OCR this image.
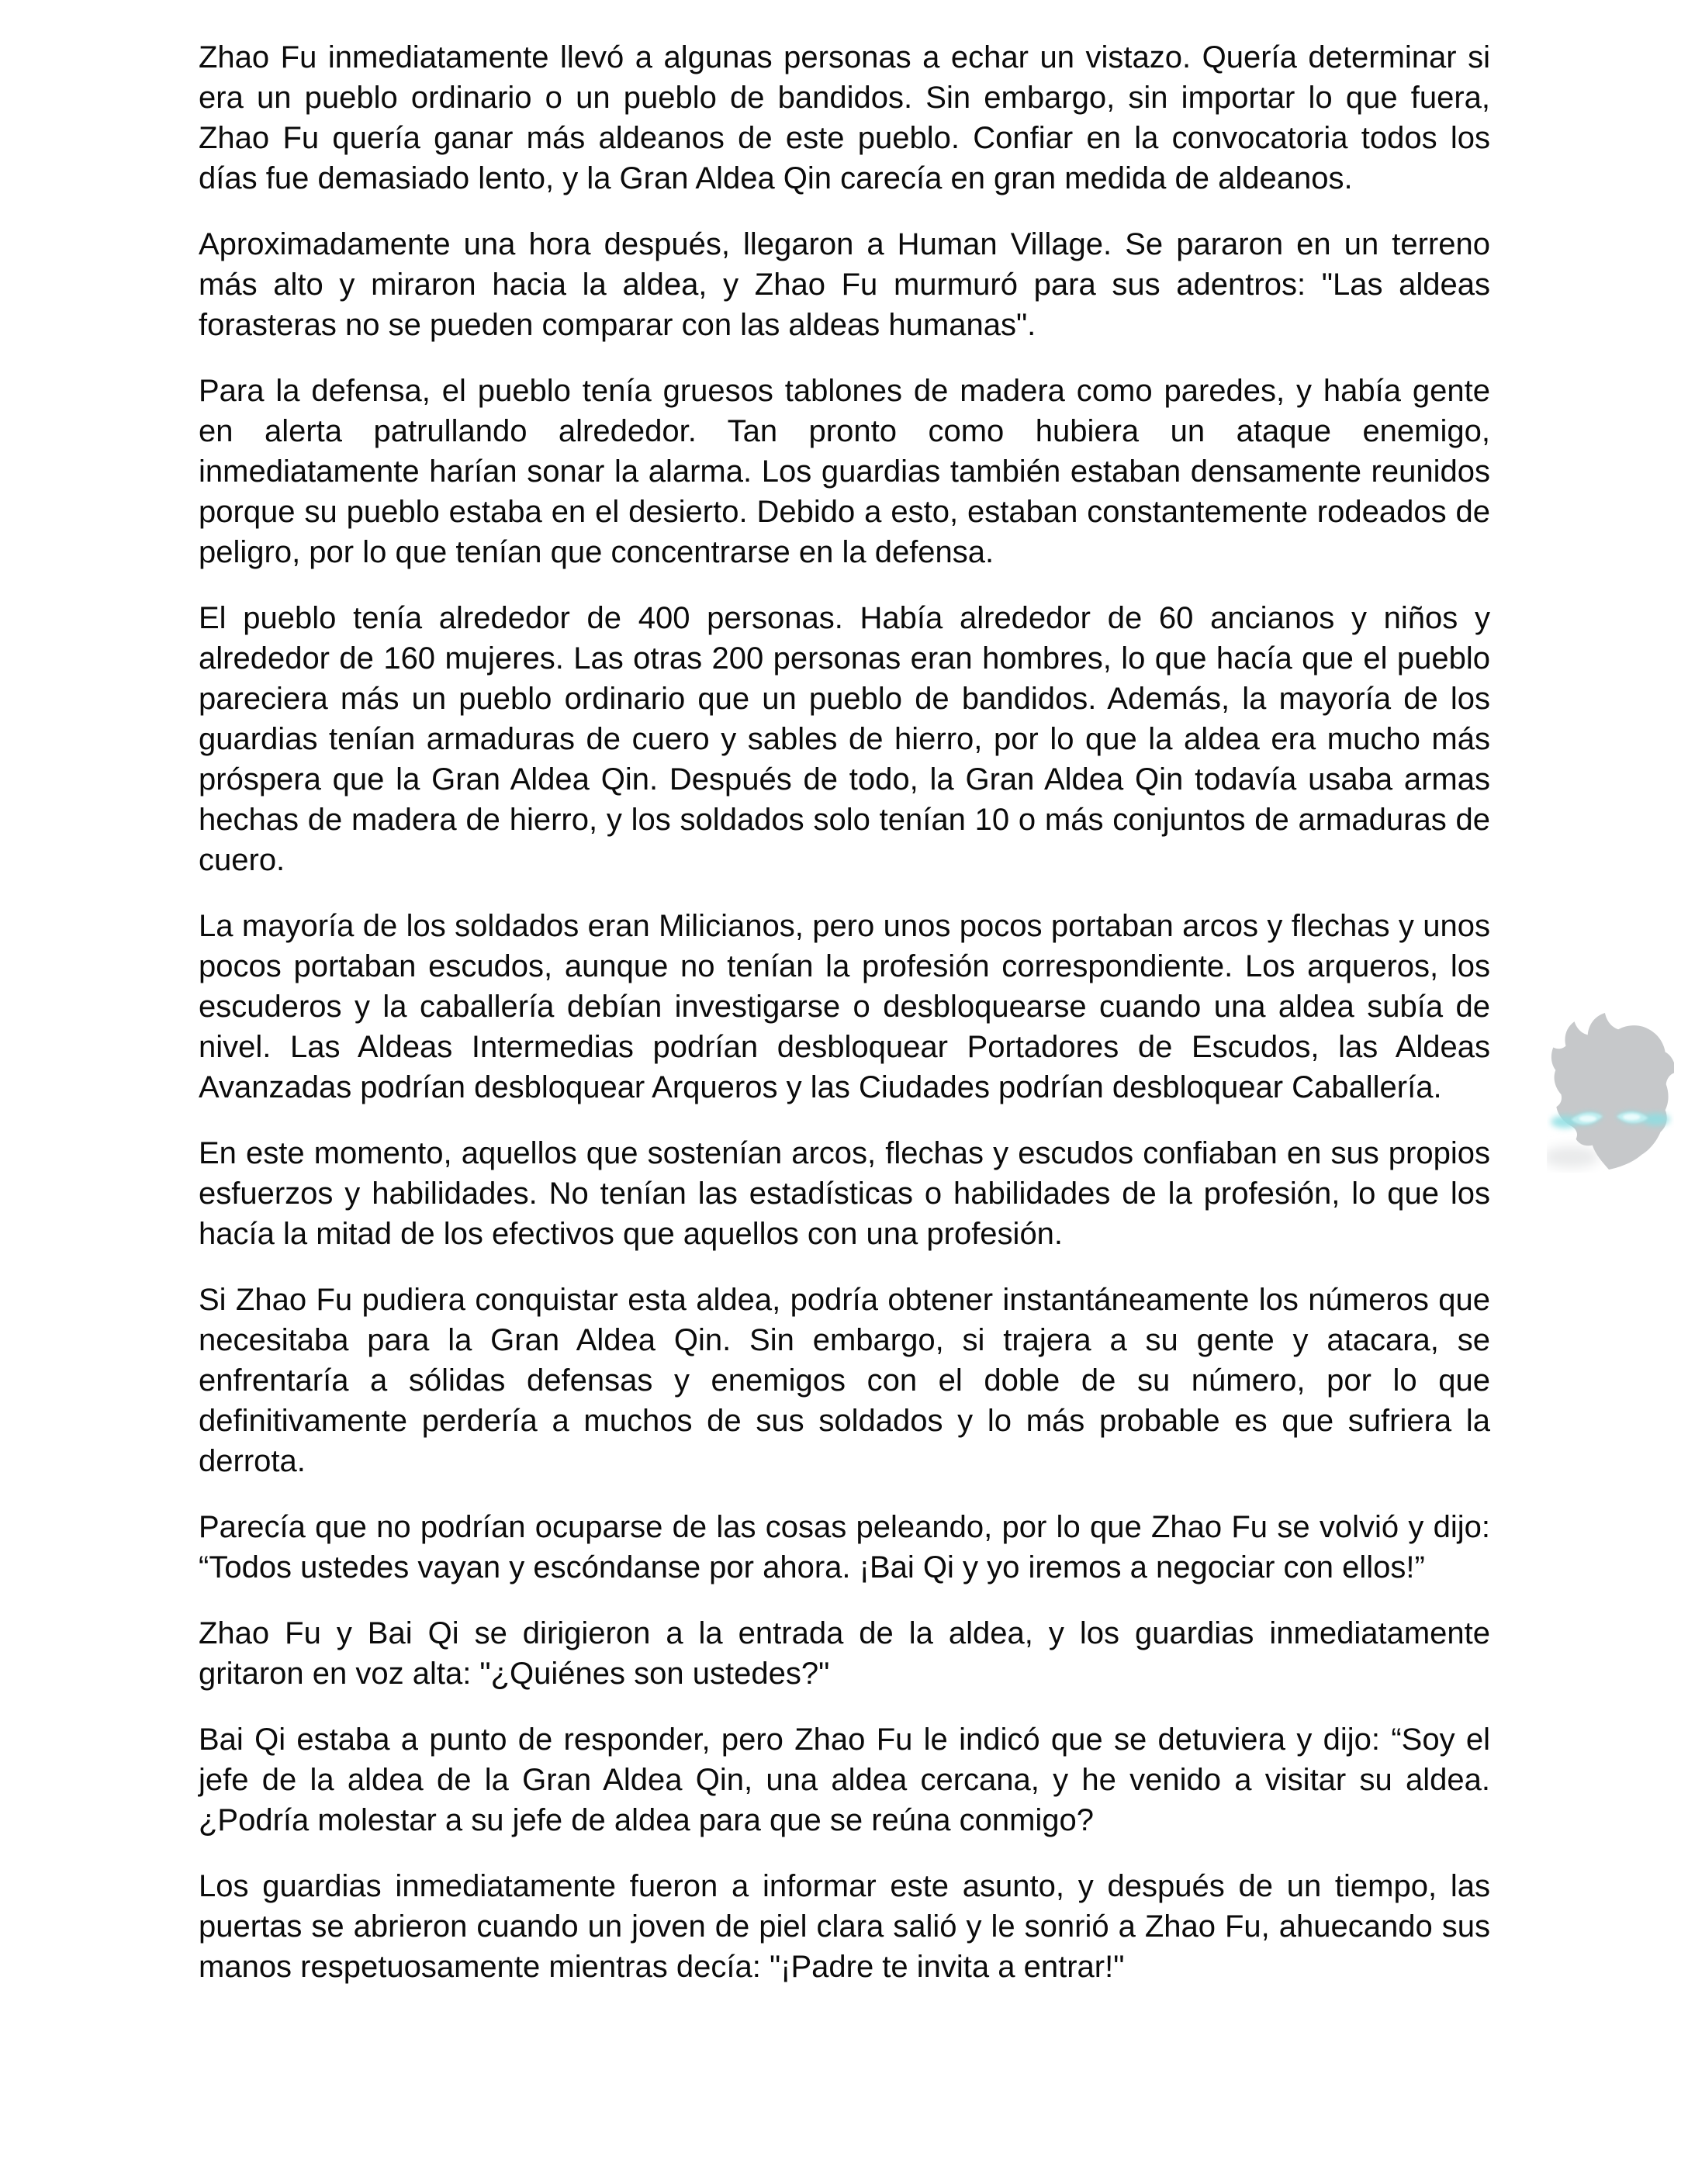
Zhao Fu inmediatamente llevó a algunas personas a echar un vistazo. Quería determinar si era un pueblo ordinario o un pueblo de bandidos. Sin embargo, sin importar lo que fuera, Zhao Fu quería ganar más aldeanos de este pueblo. Confiar en la convocatoria todos los días fue demasiado lento, y la Gran Aldea Qin carecía en gran medida de aldeanos.

Aproximadamente una hora después, llegaron a Human Village. Se pararon en un terreno más alto y miraron hacia la aldea, y Zhao Fu murmuró para sus adentros: "Las aldeas forasteras no se pueden comparar con las aldeas humanas".

Para la defensa, el pueblo tenía gruesos tablones de madera como paredes, y había gente en alerta patrullando alrededor. Tan pronto como hubiera un ataque enemigo, inmediatamente harían sonar la alarma. Los guardias también estaban densamente reunidos porque su pueblo estaba en el desierto. Debido a esto, estaban constantemente rodeados de peligro, por lo que tenían que concentrarse en la defensa.

El pueblo tenía alrededor de 400 personas. Había alrededor de 60 ancianos y niños y alrededor de 160 mujeres. Las otras 200 personas eran hombres, lo que hacía que el pueblo pareciera más un pueblo ordinario que un pueblo de bandidos. Además, la mayoría de los guardias tenían armaduras de cuero y sables de hierro, por lo que la aldea era mucho más próspera que la Gran Aldea Qin. Después de todo, la Gran Aldea Qin todavía usaba armas hechas de madera de hierro, y los soldados solo tenían 10 o más conjuntos de armaduras de cuero.

La mayoría de los soldados eran Milicianos, pero unos pocos portaban arcos y flechas y unos pocos portaban escudos, aunque no tenían la profesión correspondiente. Los arqueros, los escuderos y la caballería debían investigarse o desbloquearse cuando una aldea subía de nivel. Las Aldeas Intermedias podrían desbloquear Portadores de Escudos, las Aldeas Avanzadas podrían desbloquear Arqueros y las Ciudades podrían desbloquear Caballería.

En este momento, aquellos que sostenían arcos, flechas y escudos confiaban en sus propios esfuerzos y habilidades. No tenían las estadísticas o habilidades de la profesión, lo que los hacía la mitad de los efectivos que aquellos con una profesión.

Si Zhao Fu pudiera conquistar esta aldea, podría obtener instantáneamente los números que necesitaba para la Gran Aldea Qin. Sin embargo, si trajera a su gente y atacara, se enfrentaría a sólidas defensas y enemigos con el doble de su número, por lo que definitivamente perdería a muchos de sus soldados y lo más probable es que sufriera la derrota.

Parecía que no podrían ocuparse de las cosas peleando, por lo que Zhao Fu se volvió y dijo: “Todos ustedes vayan y escóndanse por ahora. ¡Bai Qi y yo iremos a negociar con ellos!”

Zhao Fu y Bai Qi se dirigieron a la entrada de la aldea, y los guardias inmediatamente gritaron en voz alta: "¿Quiénes son ustedes?"

Bai Qi estaba a punto de responder, pero Zhao Fu le indicó que se detuviera y dijo: “Soy el jefe de la aldea de la Gran Aldea Qin, una aldea cercana, y he venido a visitar su aldea. ¿Podría molestar a su jefe de aldea para que se reúna conmigo?

Los guardias inmediatamente fueron a informar este asunto, y después de un tiempo, las puertas se abrieron cuando un joven de piel clara salió y le sonrió a Zhao Fu, ahuecando sus manos respetuosamente mientras decía: "¡Padre te invita a entrar!"
